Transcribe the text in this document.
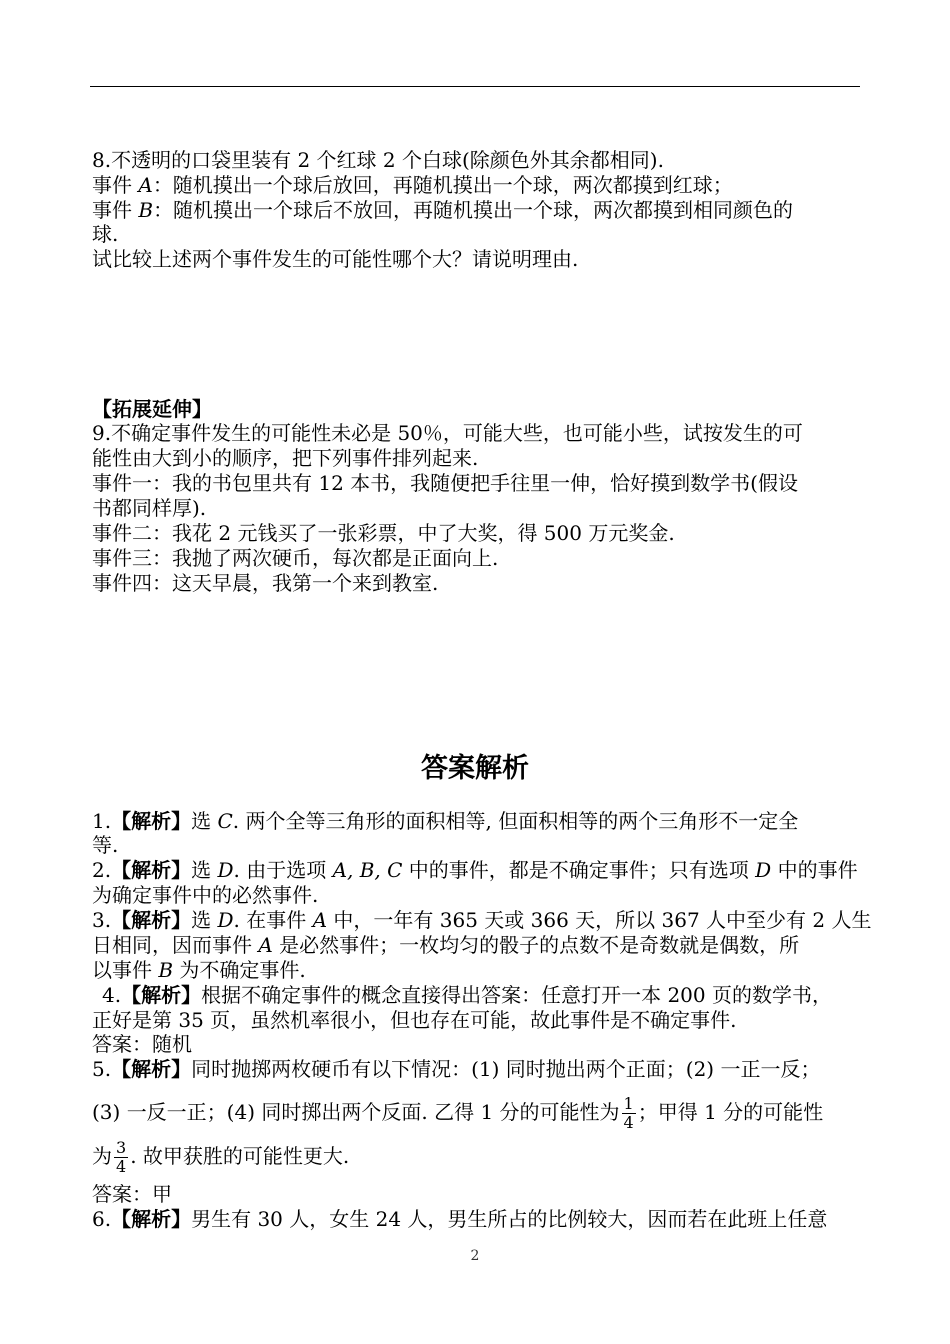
8.不透明的口袋里装有 2 个红球 2 个白球(除颜色外其余都相同).
事件 A：随机摸出一个球后放回，再随机摸出一个球，两次都摸到红球；
事件 B：随机摸出一个球后不放回，再随机摸出一个球，两次都摸到相同颜色的
球.
试比较上述两个事件发生的可能性哪个大？请说明理由.
【拓展延伸】
9.不确定事件发生的可能性未必是 50％，可能大些，也可能小些，试按发生的可
能性由大到小的顺序，把下列事件排列起来.
事件一：我的书包里共有 12 本书，我随便把手往里一伸，恰好摸到数学书(假设
书都同样厚).
事件二：我花 2 元钱买了一张彩票，中了大奖，得 500 万元奖金.
事件三：我抛了两次硬币，每次都是正面向上.
事件四：这天早晨，我第一个来到教室.
答案解析
1.【解析】选 C. 两个全等三角形的面积相等, 但面积相等的两个三角形不一定全
等.
2.【解析】选 D. 由于选项 A, B, C 中的事件，都是不确定事件；只有选项 D 中的事件
为确定事件中的必然事件.
3.【解析】选 D. 在事件 A 中，一年有 365 天或 366 天，所以 367 人中至少有 2 人生
日相同，因而事件 A 是必然事件；一枚均匀的骰子的点数不是奇数就是偶数，所
以事件 B 为不确定事件.
4.【解析】根据不确定事件的概念直接得出答案：任意打开一本 200 页的数学书，
正好是第 35 页，虽然机率很小，但也存在可能，故此事件是不确定事件.
答案：随机
5.【解析】同时抛掷两枚硬币有以下情况：(1) 同时抛出两个正面；(2) 一正一反；
(3) 一反一正；(4) 同时掷出两个反面. 乙得 1 分的可能性为 $\frac{1}{4}$ ；甲得 1 分的可能性
为 $\frac{3}{4}$ . 故甲获胜的可能性更大.
答案：甲
6.【解析】男生有 30 人，女生 24 人，男生所占的比例较大，因而若在此班上任意
2
